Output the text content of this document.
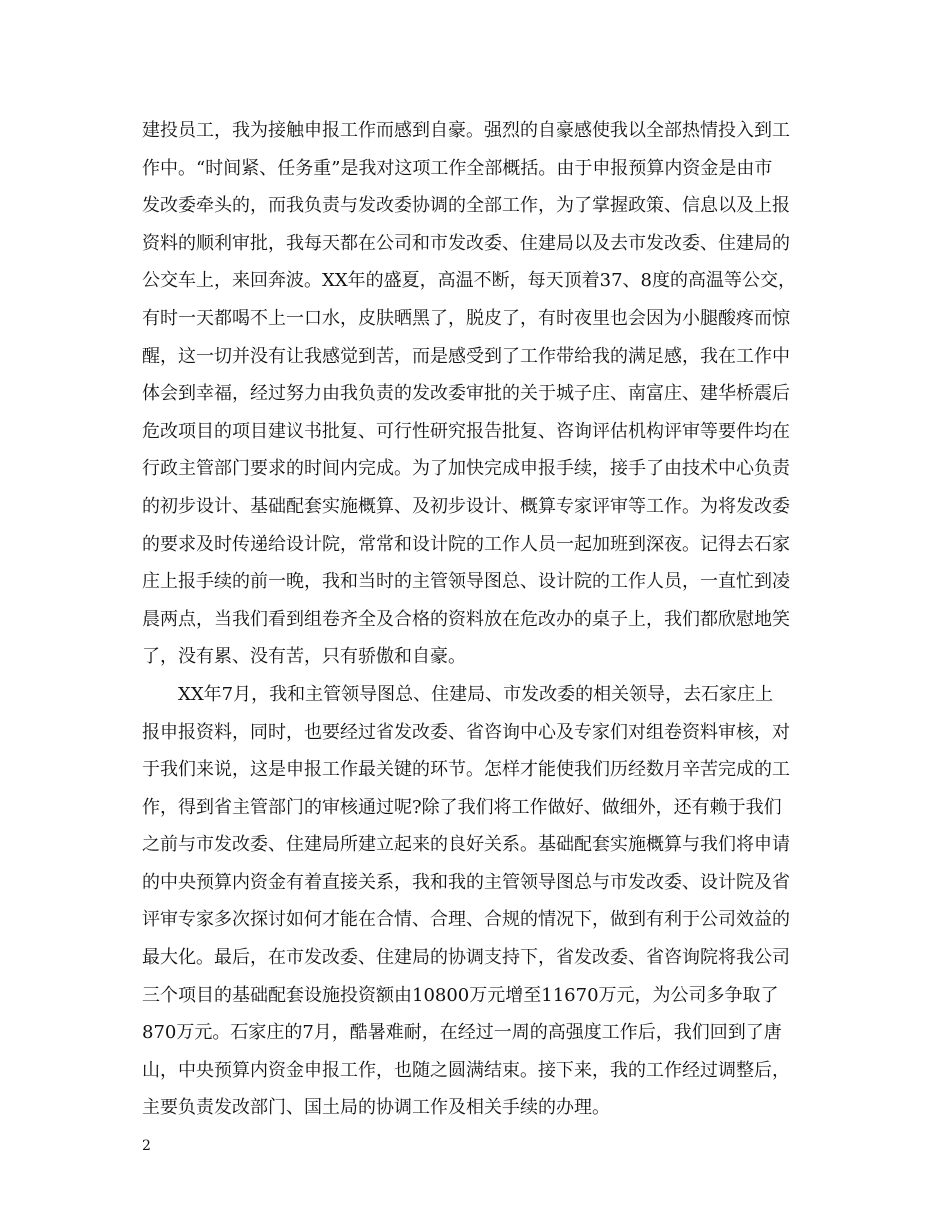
建投员工，我为接触申报工作而感到自豪。强烈的自豪感使我以全部热情投入到工
作中。“时间紧、任务重”是我对这项工作全部概括。由于申报预算内资金是由市
发改委牵头的，而我负责与发改委协调的全部工作，为了掌握政策、信息以及上报
资料的顺利审批，我每天都在公司和市发改委、住建局以及去市发改委、住建局的
公交车上，来回奔波。XX年的盛夏，高温不断，每天顶着37、8度的高温等公交，
有时一天都喝不上一口水，皮肤晒黑了，脱皮了，有时夜里也会因为小腿酸疼而惊
醒，这一切并没有让我感觉到苦，而是感受到了工作带给我的满足感，我在工作中
体会到幸福，经过努力由我负责的发改委审批的关于城子庄、南富庄、建华桥震后
危改项目的项目建议书批复、可行性研究报告批复、咨询评估机构评审等要件均在
行政主管部门要求的时间内完成。为了加快完成申报手续，接手了由技术中心负责
的初步设计、基础配套实施概算、及初步设计、概算专家评审等工作。为将发改委
的要求及时传递给设计院，常常和设计院的工作人员一起加班到深夜。记得去石家
庄上报手续的前一晚，我和当时的主管领导图总、设计院的工作人员，一直忙到凌
晨两点，当我们看到组卷齐全及合格的资料放在危改办的桌子上，我们都欣慰地笑
了，没有累、没有苦，只有骄傲和自豪。
XX年7月，我和主管领导图总、住建局、市发改委的相关领导，去石家庄上
报申报资料，同时，也要经过省发改委、省咨询中心及专家们对组卷资料审核，对
于我们来说，这是申报工作最关键的环节。怎样才能使我们历经数月辛苦完成的工
作，得到省主管部门的审核通过呢?除了我们将工作做好、做细外，还有赖于我们
之前与市发改委、住建局所建立起来的良好关系。基础配套实施概算与我们将申请
的中央预算内资金有着直接关系，我和我的主管领导图总与市发改委、设计院及省
评审专家多次探讨如何才能在合情、合理、合规的情况下，做到有利于公司效益的
最大化。最后，在市发改委、住建局的协调支持下，省发改委、省咨询院将我公司
三个项目的基础配套设施投资额由10800万元增至11670万元，为公司多争取了
870万元。石家庄的7月，酷暑难耐，在经过一周的高强度工作后，我们回到了唐
山，中央预算内资金申报工作，也随之圆满结束。接下来，我的工作经过调整后，
主要负责发改部门、国土局的协调工作及相关手续的办理。
2
